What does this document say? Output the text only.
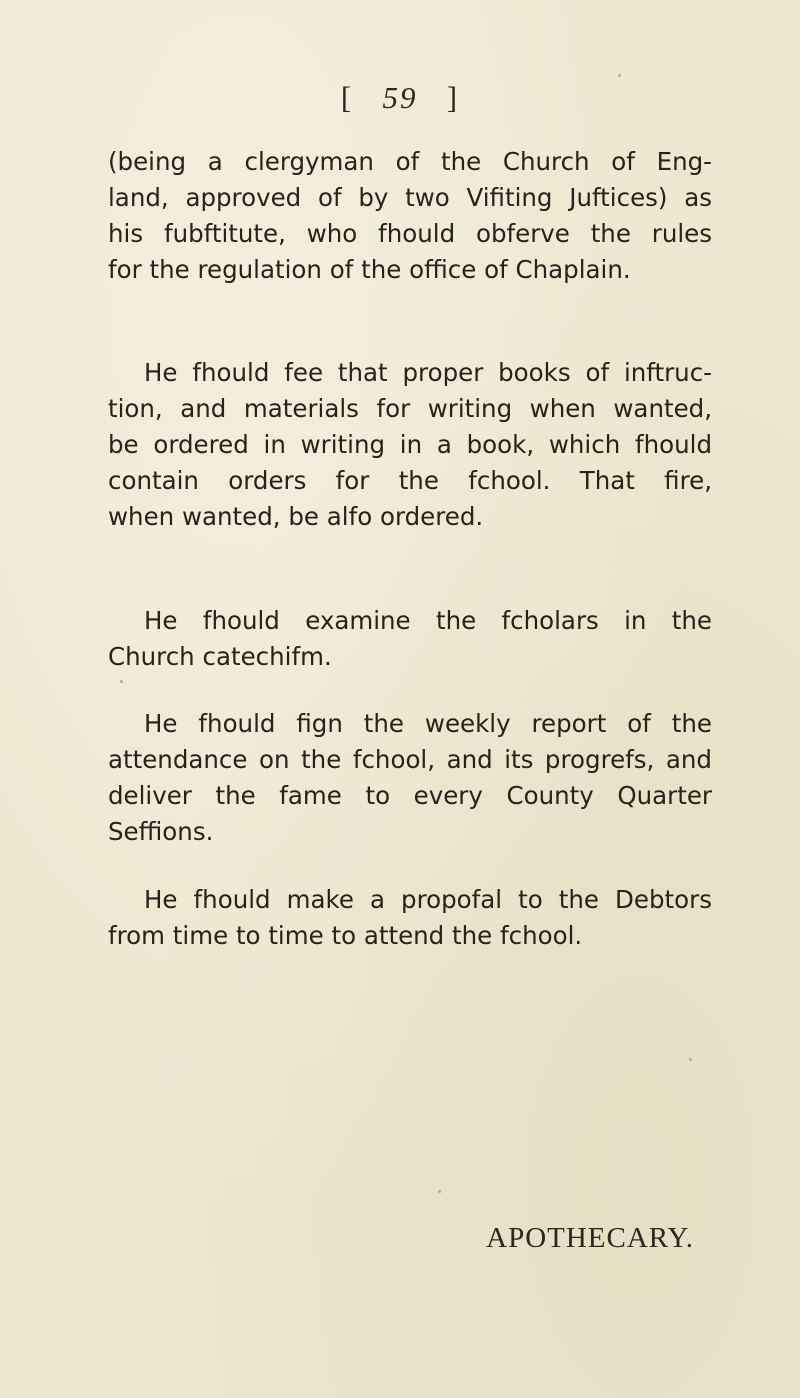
[ 59 ]
(being a clergyman of the Church of Eng-
land, approved of by two Vifiting Juftices) as
his fubftitute, who fhould obferve the rules
for the regulation of the office of Chaplain.
He fhould fee that proper books of inftruc-
tion, and materials for writing when wanted,
be ordered in writing in a book, which fhould
contain orders for the fchool. That fire,
when wanted, be alfo ordered.
He fhould examine the fcholars in the
Church catechifm.
He fhould fign the weekly report of the
attendance on the fchool, and its progrefs, and
deliver the fame to every County Quarter
Seffions.
He fhould make a propofal to the Debtors
from time to time to attend the fchool.
APOTHECARY.
